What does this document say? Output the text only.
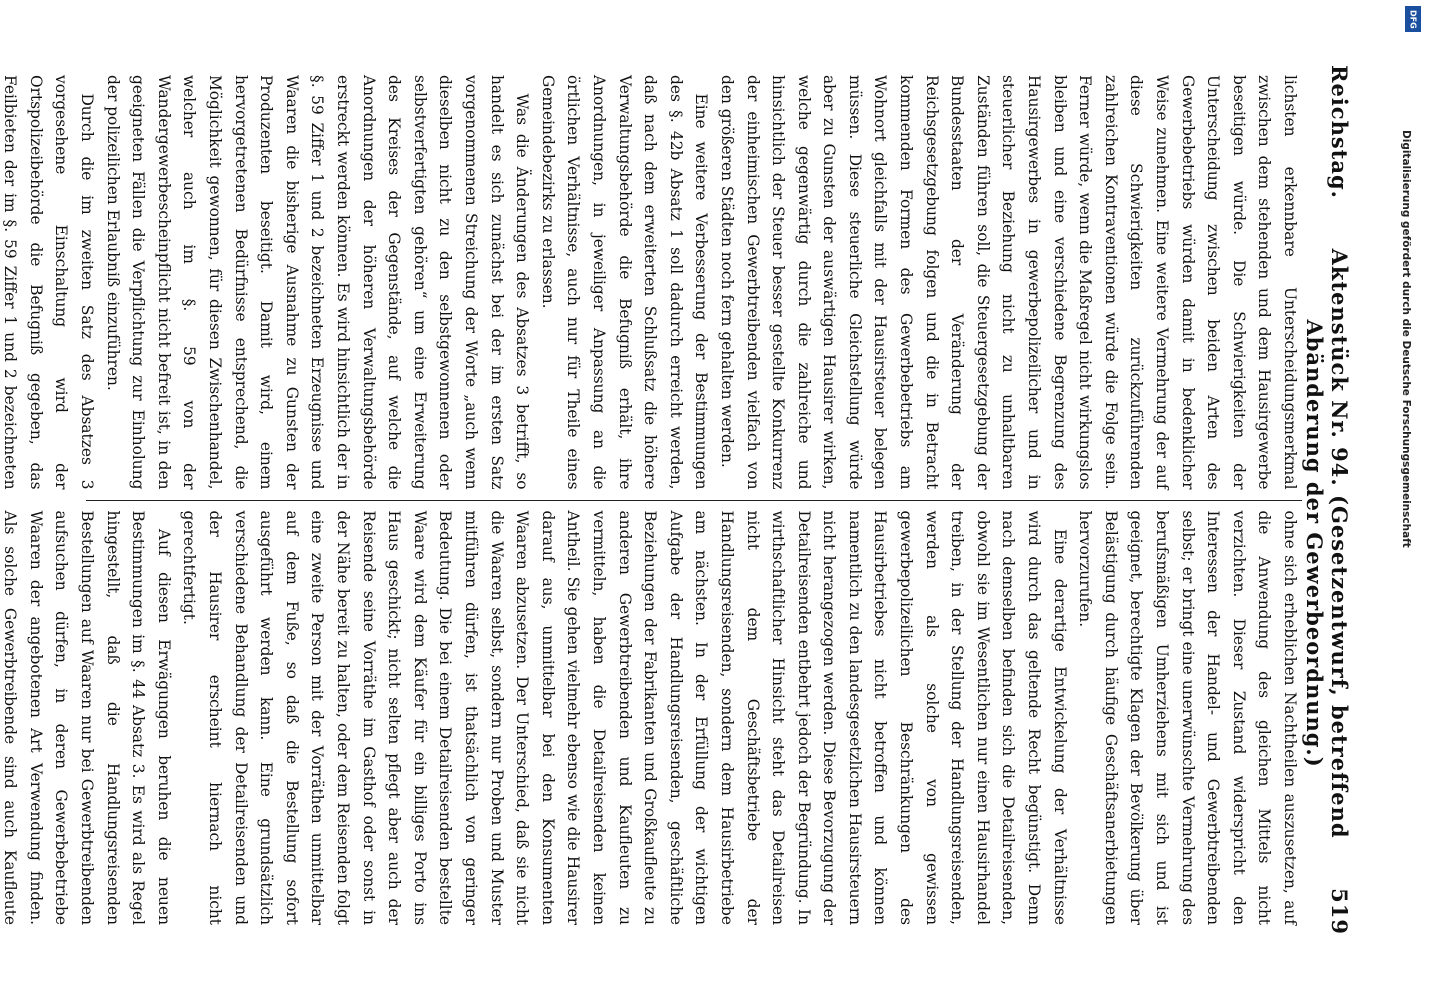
Reichstag.
Aktenstück Nr. 94. (Gesetzentwurf, betreffend Abänderung der Gewerbeordnung.)
519

lichsten erkennbare Unterscheidungsmerkmal zwischen dem stehenden und dem Hausirgewerbe beseitigen würde. Die Schwierigkeiten der Unterscheidung zwischen beiden Arten des Gewerbebetriebs würden damit in bedenklicher Weise zunehmen. Eine weitere Vermehrung der auf diese Schwierigkeiten zurückzuführenden zahlreichen Kontraventionen würde die Folge sein. Ferner würde, wenn die Maßregel nicht wirkungslos bleiben und eine verschiedene Begrenzung des Hausirgewerbes in gewerbepolizeilicher und in steuerlicher Beziehung nicht zu unhaltbaren Zuständen führen soll, die Steuergesetzgebung der Bundesstaaten der Veränderung der Reichsgesetzgebung folgen und die in Betracht kommenden Formen des Gewerbebetriebs am Wohnort gleichfalls mit der Hausirsteuer belegen müssen. Diese steuerliche Gleichstellung würde aber zu Gunsten der auswärtigen Hausirer wirken, welche gegenwärtig durch die zahlreiche und hinsichtlich der Steuer besser gestellte Konkurrenz der einheimischen Gewerbtreibenden vielfach von den größeren Städten noch fern gehalten werden.

Eine weitere Verbesserung der Bestimmungen des §. 42b Absatz 1 soll dadurch erreicht werden, daß nach dem erweiterten Schlußsatz die höhere Verwaltungsbehörde die Befugniß erhält, ihre Anordnungen, in jeweiliger Anpassung an die örtlichen Verhältnisse, auch nur für Theile eines Gemeindebezirks zu erlassen.

Was die Änderungen des Absatzes 3 betrifft, so handelt es sich zunächst bei der im ersten Satz vorgenommenen Streichung der Worte „auch wenn dieselben nicht zu den selbstgewonnenen oder selbstverfertigten gehören“ um eine Erweiterung des Kreises der Gegenstände, auf welche die Anordnungen der höheren Verwaltungsbehörde erstreckt werden können. Es wird hinsichtlich der in §. 59 Ziffer 1 und 2 bezeichneten Erzeugnisse und Waaren die bisherige Ausnahme zu Gunsten der Produzenten beseitigt. Damit wird, einem hervorgetretenen Bedürfnisse entsprechend, die Möglichkeit gewonnen, für diesen Zwischenhandel, welcher auch im §. 59 von der Wandergewerbescheinpflicht nicht befreit ist, in den geeigneten Fällen die Verpflichtung zur Einholung der polizeilichen Erlaubniß einzuführen.

Durch die im zweiten Satz des Absatzes 3 vorgesehene Einschaltung wird der Ortspolizeibehörde die Befugniß gegeben, das Feilbieten der im §. 59 Ziffer 1 und 2 bezeichneten

ohne sich erheblichen Nachtheilen auszusetzen, auf die Anwendung des gleichen Mittels nicht verzichten. Dieser Zustand widerspricht den Interessen der Handel- und Gewerbtreibenden selbst; er bringt eine unerwünschte Vermehrung des berufsmäßigen Umherziehens mit sich und ist geeignet, berechtigte Klagen der Bevölkerung über Belästigung durch häufige Geschäftsanerbietungen hervorzurufen.

Eine derartige Entwickelung der Verhältnisse wird durch das geltende Recht begünstigt. Denn nach demselben befinden sich die Detailreisenden, obwohl sie im Wesentlichen nur einen Hausirhandel treiben, in der Stellung der Handlungsreisenden, werden als solche von gewissen gewerbepolizeilichen Beschränkungen des Hausirbetriebes nicht betroffen und können namentlich zu den landesgesetzlichen Hausirsteuern nicht herangezogen werden. Diese Bevorzugung der Detailreisenden entbehrt jedoch der Begründung. In wirthschaftlicher Hinsicht steht das Detailreisen nicht dem Geschäftsbetriebe der Handlungsreisenden, sondern dem Hausirbetriebe am nächsten. In der Erfüllung der wichtigen Aufgabe der Handlungsreisenden, geschäftliche Beziehungen der Fabrikanten und Großkaufleute zu anderen Gewerbtreibenden und Kaufleuten zu vermitteln, haben die Detailreisenden keinen Antheil. Sie gehen vielmehr ebenso wie die Hausirer darauf aus, unmittelbar bei den Konsumenten Waaren abzusetzen. Der Unterschied, daß sie nicht die Waaren selbst, sondern nur Proben und Muster mitführen dürfen, ist thatsächlich von geringer Bedeutung. Die bei einem Detailreisenden bestellte Waare wird dem Käufer für ein billiges Porto ins Haus geschickt; nicht selten pflegt aber auch der Reisende seine Vorräthe im Gasthof oder sonst in der Nähe bereit zu halten, oder dem Reisenden folgt eine zweite Person mit der Vorräthen unmittelbar auf dem Fuße, so daß die Bestellung sofort ausgeführt werden kann. Eine grundsätzlich verschiedene Behandlung der Detailreisenden und der Hausirer erscheint hiernach nicht gerechtfertigt.

Auf diesen Erwägungen beruhen die neuen Bestimmungen im §. 44 Absatz 3. Es wird als Regel hingestellt, daß die Handlungsreisenden Bestellungen auf Waaren nur bei Gewerbtreibenden aufsuchen dürfen, in deren Gewerbebetriebe Waaren der angebotenen Art Verwendung finden. Als solche Gewerbtreibende sind auch Kaufleute

DFG
Digitalisierung gefördert durch die Deutsche Forschungsgemeinschaft
